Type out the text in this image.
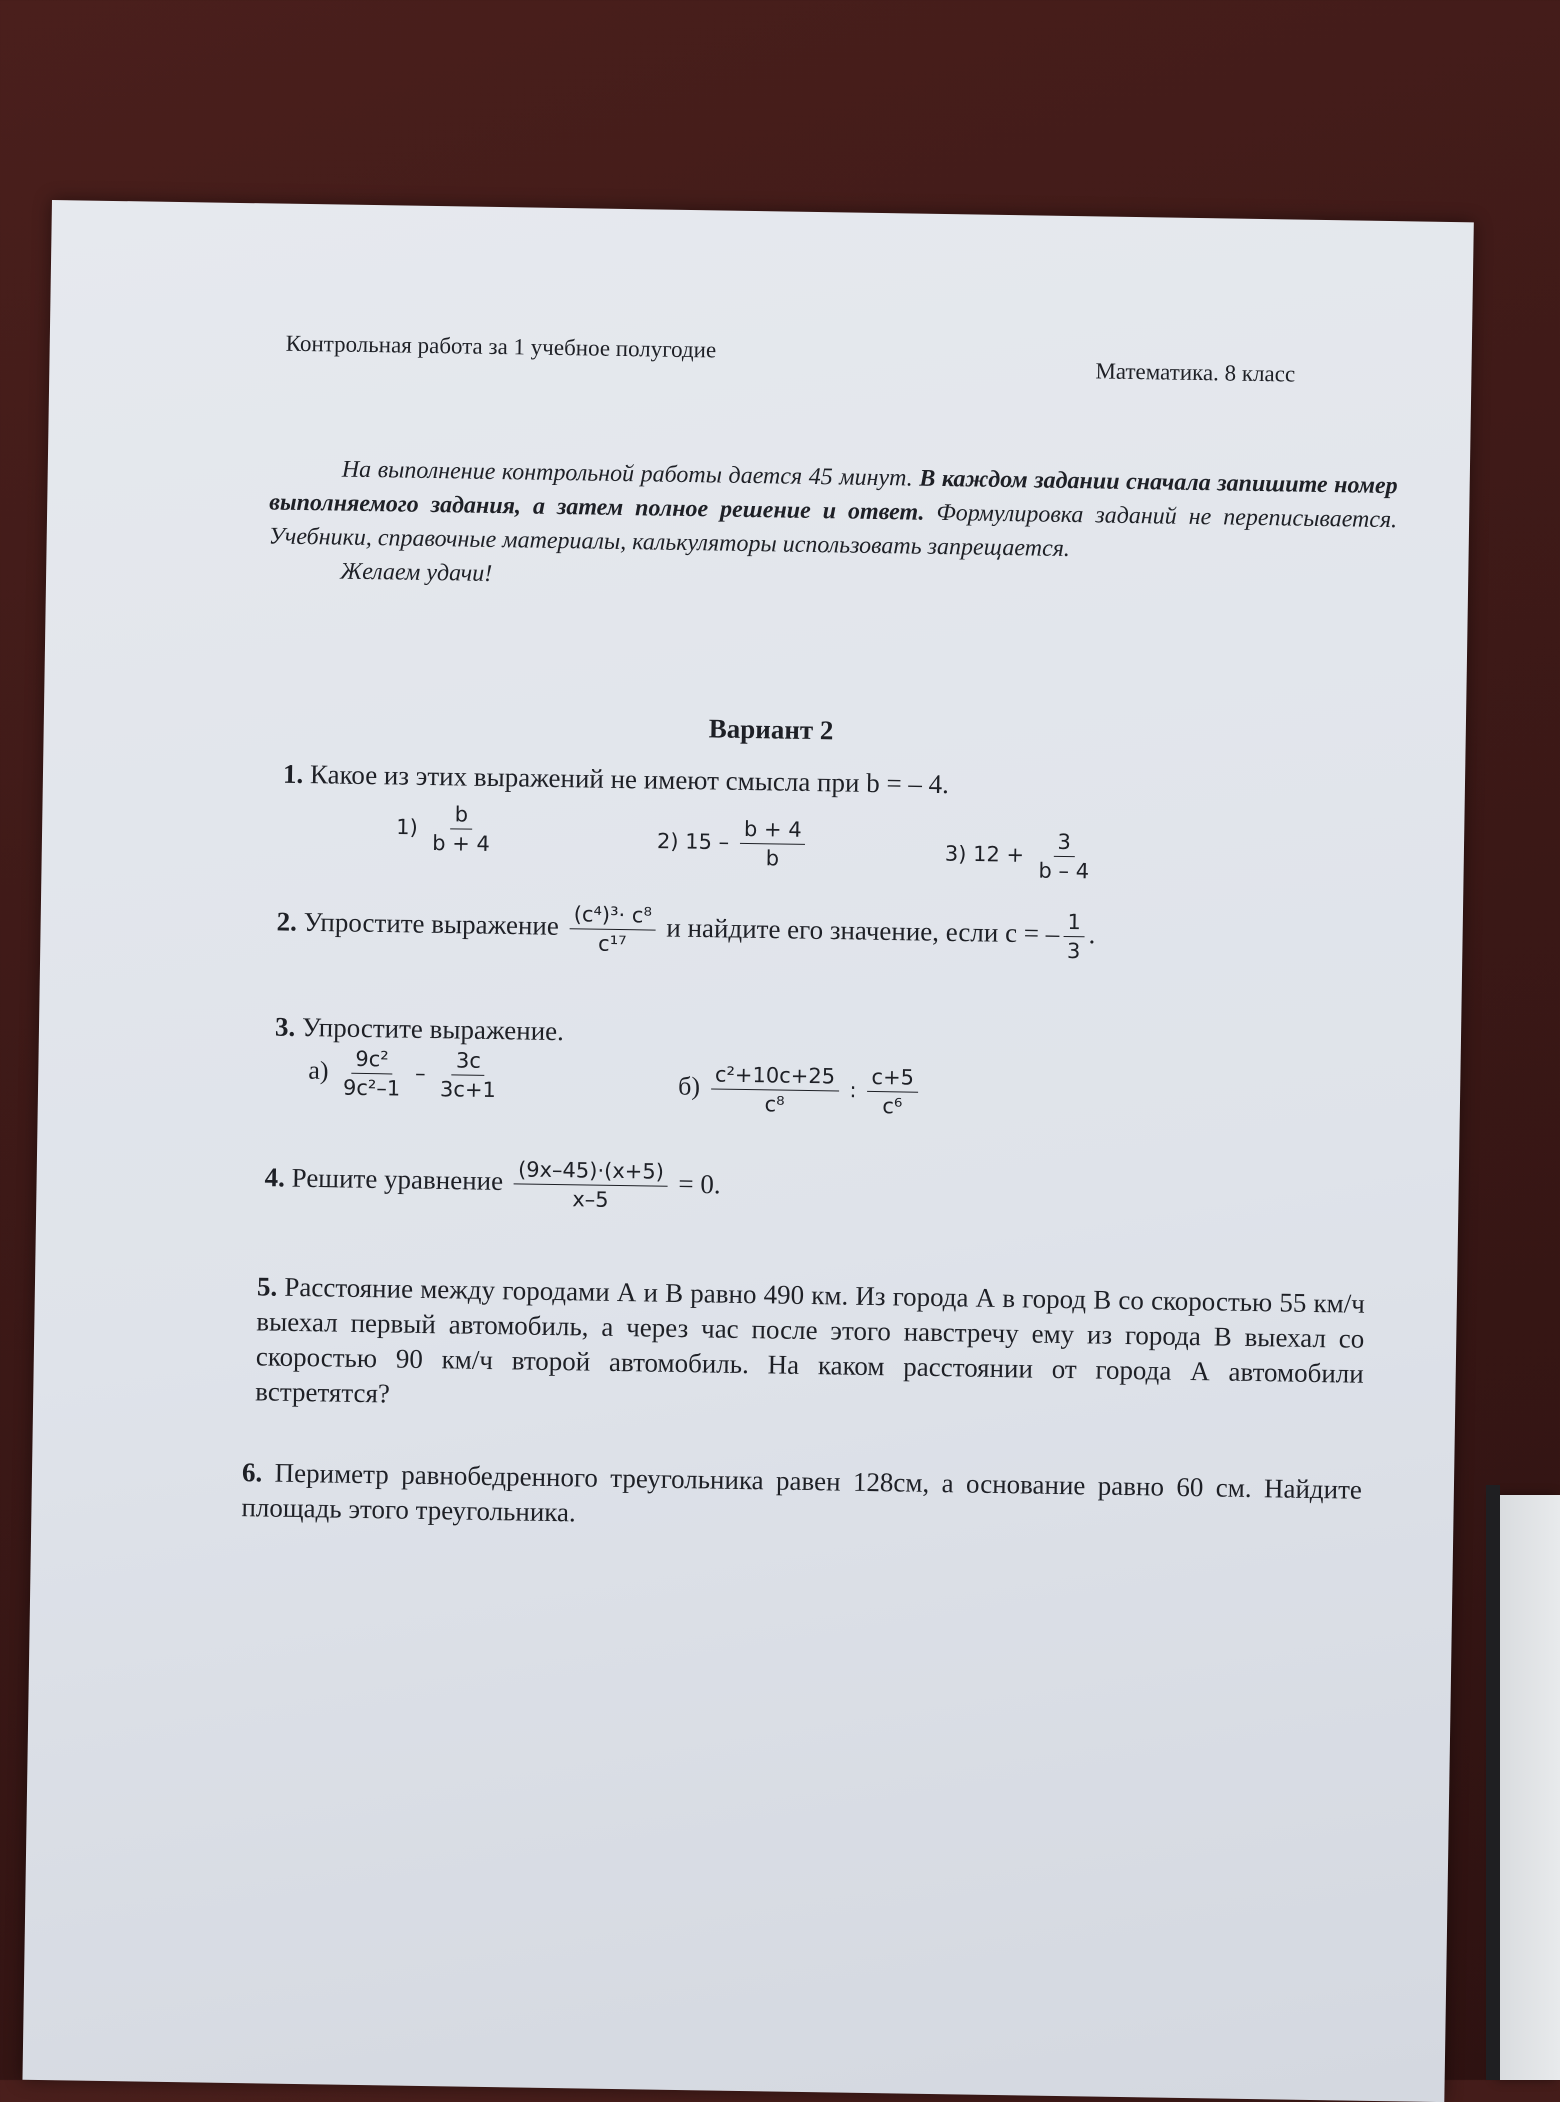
Контрольная работа за 1 учебное полугодие
Математика. 8 класс
На выполнение контрольной работы дается 45 минут. В каждом задании сначала запишите номер выполняемого задания, а затем полное решение и ответ. Формулировка заданий не переписывается. Учебники, справочные материалы, калькуляторы использовать запрещается.
Желаем удачи!
Вариант 2
1. Какое из этих выражений не имеют смысла при b = – 4.
$1) \frac{b}{b + 4}$	2) $15 - \frac{b + 4}{b}$	3) $12 + \frac{3}{b - 4}$
2. Упростите выражение $\frac{\text{(c⁴)³· c⁸}}{\text{c¹⁷}}$ и найдите его значение, если c = – $\frac{1}{3}$ .
3. Упростите выражение.
$а) \frac{\text{9c²}}{\text{9c²–1}} - \frac{3c}{3c+1}$	$б) \frac{\text{c²+10c+25}}{\text{c⁸}}$ : $\frac{c+5}{\text{c⁶}}$
4. Решите уравнение $\frac{(9x-45)\cdot(x+5)}{x-5} = 0$.
5. Расстояние между городами А и В равно 490 км. Из города А в город В со скоростью 55 км/ч выехал первый автомобиль, а через час после этого навстречу ему из города В выехал со скоростью 90 км/ч второй автомобиль. На каком расстоянии от города А автомобили встретятся?
6. Периметр равнобедренного треугольника равен 128см, а основание равно 60 см. Найдите площадь этого треугольника.
